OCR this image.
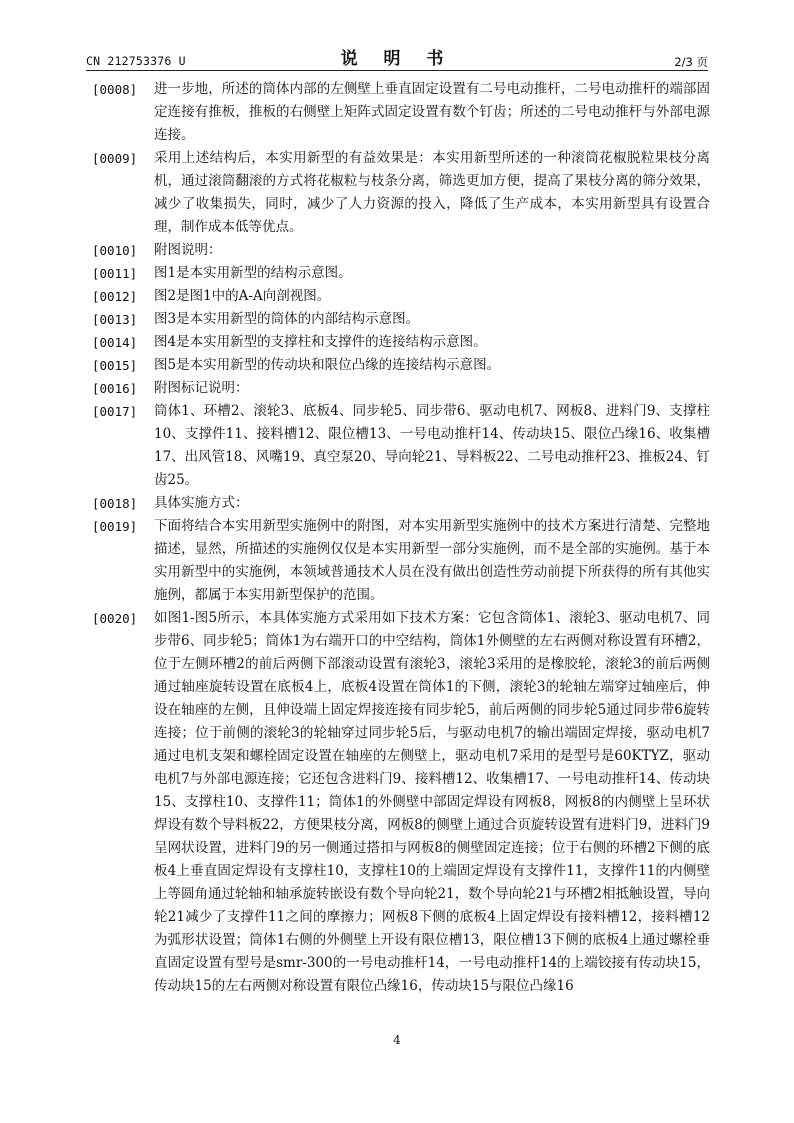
CN 212753376 U	说 明 书	2/3 页
[0008] 进一步地，所述的筒体内部的左侧壁上垂直固定设置有二号电动推杆，二号电动推杆的端部固定连接有推板，推板的右侧壁上矩阵式固定设置有数个钉齿；所述的二号电动推杆与外部电源连接。
[0009] 采用上述结构后，本实用新型的有益效果是：本实用新型所述的一种滚筒花椒脱粒果枝分离机，通过滚筒翻滚的方式将花椒粒与枝条分离，筛选更加方便，提高了果枝分离的筛分效果，减少了收集损失，同时，减少了人力资源的投入，降低了生产成本，本实用新型具有设置合理，制作成本低等优点。
[0010] 附图说明：
[0011] 图1是本实用新型的结构示意图。
[0012] 图2是图1中的A-A向剖视图。
[0013] 图3是本实用新型的筒体的内部结构示意图。
[0014] 图4是本实用新型的支撑柱和支撑件的连接结构示意图。
[0015] 图5是本实用新型的传动块和限位凸缘的连接结构示意图。
[0016] 附图标记说明：
[0017] 筒体1、环槽2、滚轮3、底板4、同步轮5、同步带6、驱动电机7、网板8、进料门9、支撑柱10、支撑件11、接料槽12、限位槽13、一号电动推杆14、传动块15、限位凸缘16、收集槽17、出风管18、风嘴19、真空泵20、导向轮21、导料板22、二号电动推杆23、推板24、钉齿25。
[0018] 具体实施方式：
[0019] 下面将结合本实用新型实施例中的附图，对本实用新型实施例中的技术方案进行清楚、完整地描述，显然，所描述的实施例仅仅是本实用新型一部分实施例，而不是全部的实施例。基于本实用新型中的实施例，本领域普通技术人员在没有做出创造性劳动前提下所获得的所有其他实施例，都属于本实用新型保护的范围。
[0020] 如图1-图5所示，本具体实施方式采用如下技术方案：它包含筒体1、滚轮3、驱动电机7、同步带6、同步轮5；筒体1为右端开口的中空结构，筒体1外侧壁的左右两侧对称设置有环槽2，位于左侧环槽2的前后两侧下部滚动设置有滚轮3，滚轮3采用的是橡胶轮，滚轮3的前后两侧通过轴座旋转设置在底板4上，底板4设置在筒体1的下侧，滚轮3的轮轴左端穿过轴座后，伸设在轴座的左侧，且伸设端上固定焊接连接有同步轮5，前后两侧的同步轮5通过同步带6旋转连接；位于前侧的滚轮3的轮轴穿过同步轮5后，与驱动电机7的输出端固定焊接，驱动电机7通过电机支架和螺栓固定设置在轴座的左侧壁上，驱动电机7采用的是型号是60KTYZ，驱动电机7与外部电源连接；它还包含进料门9、接料槽12、收集槽17、一号电动推杆14、传动块15、支撑柱10、支撑件11；筒体1的外侧壁中部固定焊设有网板8，网板8的内侧壁上呈环状焊设有数个导料板22，方便果枝分离，网板8的侧壁上通过合页旋转设置有进料门9，进料门9呈网状设置，进料门9的另一侧通过搭扣与网板8的侧壁固定连接；位于右侧的环槽2下侧的底板4上垂直固定焊设有支撑柱10，支撑柱10的上端固定焊设有支撑件11，支撑件11的内侧壁上等圆角通过轮轴和轴承旋转嵌设有数个导向轮21，数个导向轮21与环槽2相抵触设置，导向轮21减少了支撑件11之间的摩擦力；网板8下侧的底板4上固定焊设有接料槽12，接料槽12为弧形状设置；筒体1右侧的外侧壁上开设有限位槽13，限位槽13下侧的底板4上通过螺栓垂直固定设置有型号是smr-300的一号电动推杆14，一号电动推杆14的上端铰接有传动块15，传动块15的左右两侧对称设置有限位凸缘16，传动块15与限位凸缘16
4
